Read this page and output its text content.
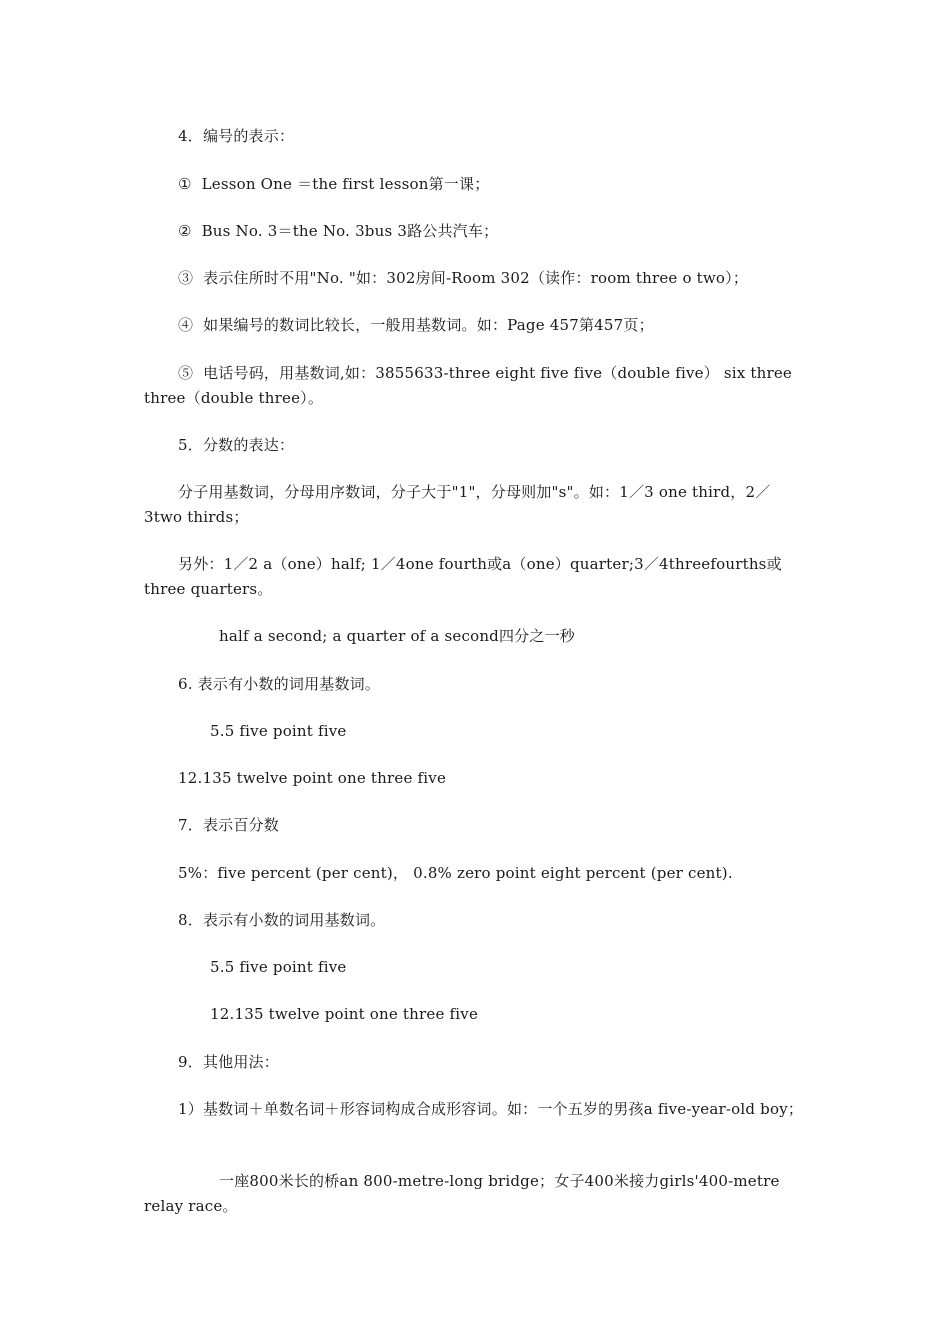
4．编号的表示：
①  Lesson One ＝the first lesson第一课；
②  Bus No. 3＝the No. 3bus 3路公共汽车；
③  表示住所时不用"No. "如：302房间-Room 302（读作：room three o two）；
④  如果编号的数词比较长，一般用基数词。如：Page 457第457页；
⑤  电话号码，用基数词,如：3855633-three eight five five（double five） six three three（double three）。
5．分数的表达：
分子用基数词，分母用序数词，分子大于"1"，分母则加"s"。如：1／3 one third，2／3two thirds；
另外：1／2 a（one）half; 1／4one fourth或a（one）quarter;3／4threefourths或three quarters。
half a second; a quarter of a second四分之一秒
6. 表示有小数的词用基数词。
5.5 five point five
12.135 twelve point one three five
7．表示百分数
5%：five percent (per cent)， 0.8% zero point eight percent (per cent).
8．表示有小数的词用基数词。
5.5 five point five
12.135 twelve point one three five
9．其他用法：
1）基数词＋单数名词＋形容词构成合成形容词。如：一个五岁的男孩a five-year-old boy；
一座800米长的桥an 800-metre-long bridge；女子400米接力girls'400-metre relay race。
